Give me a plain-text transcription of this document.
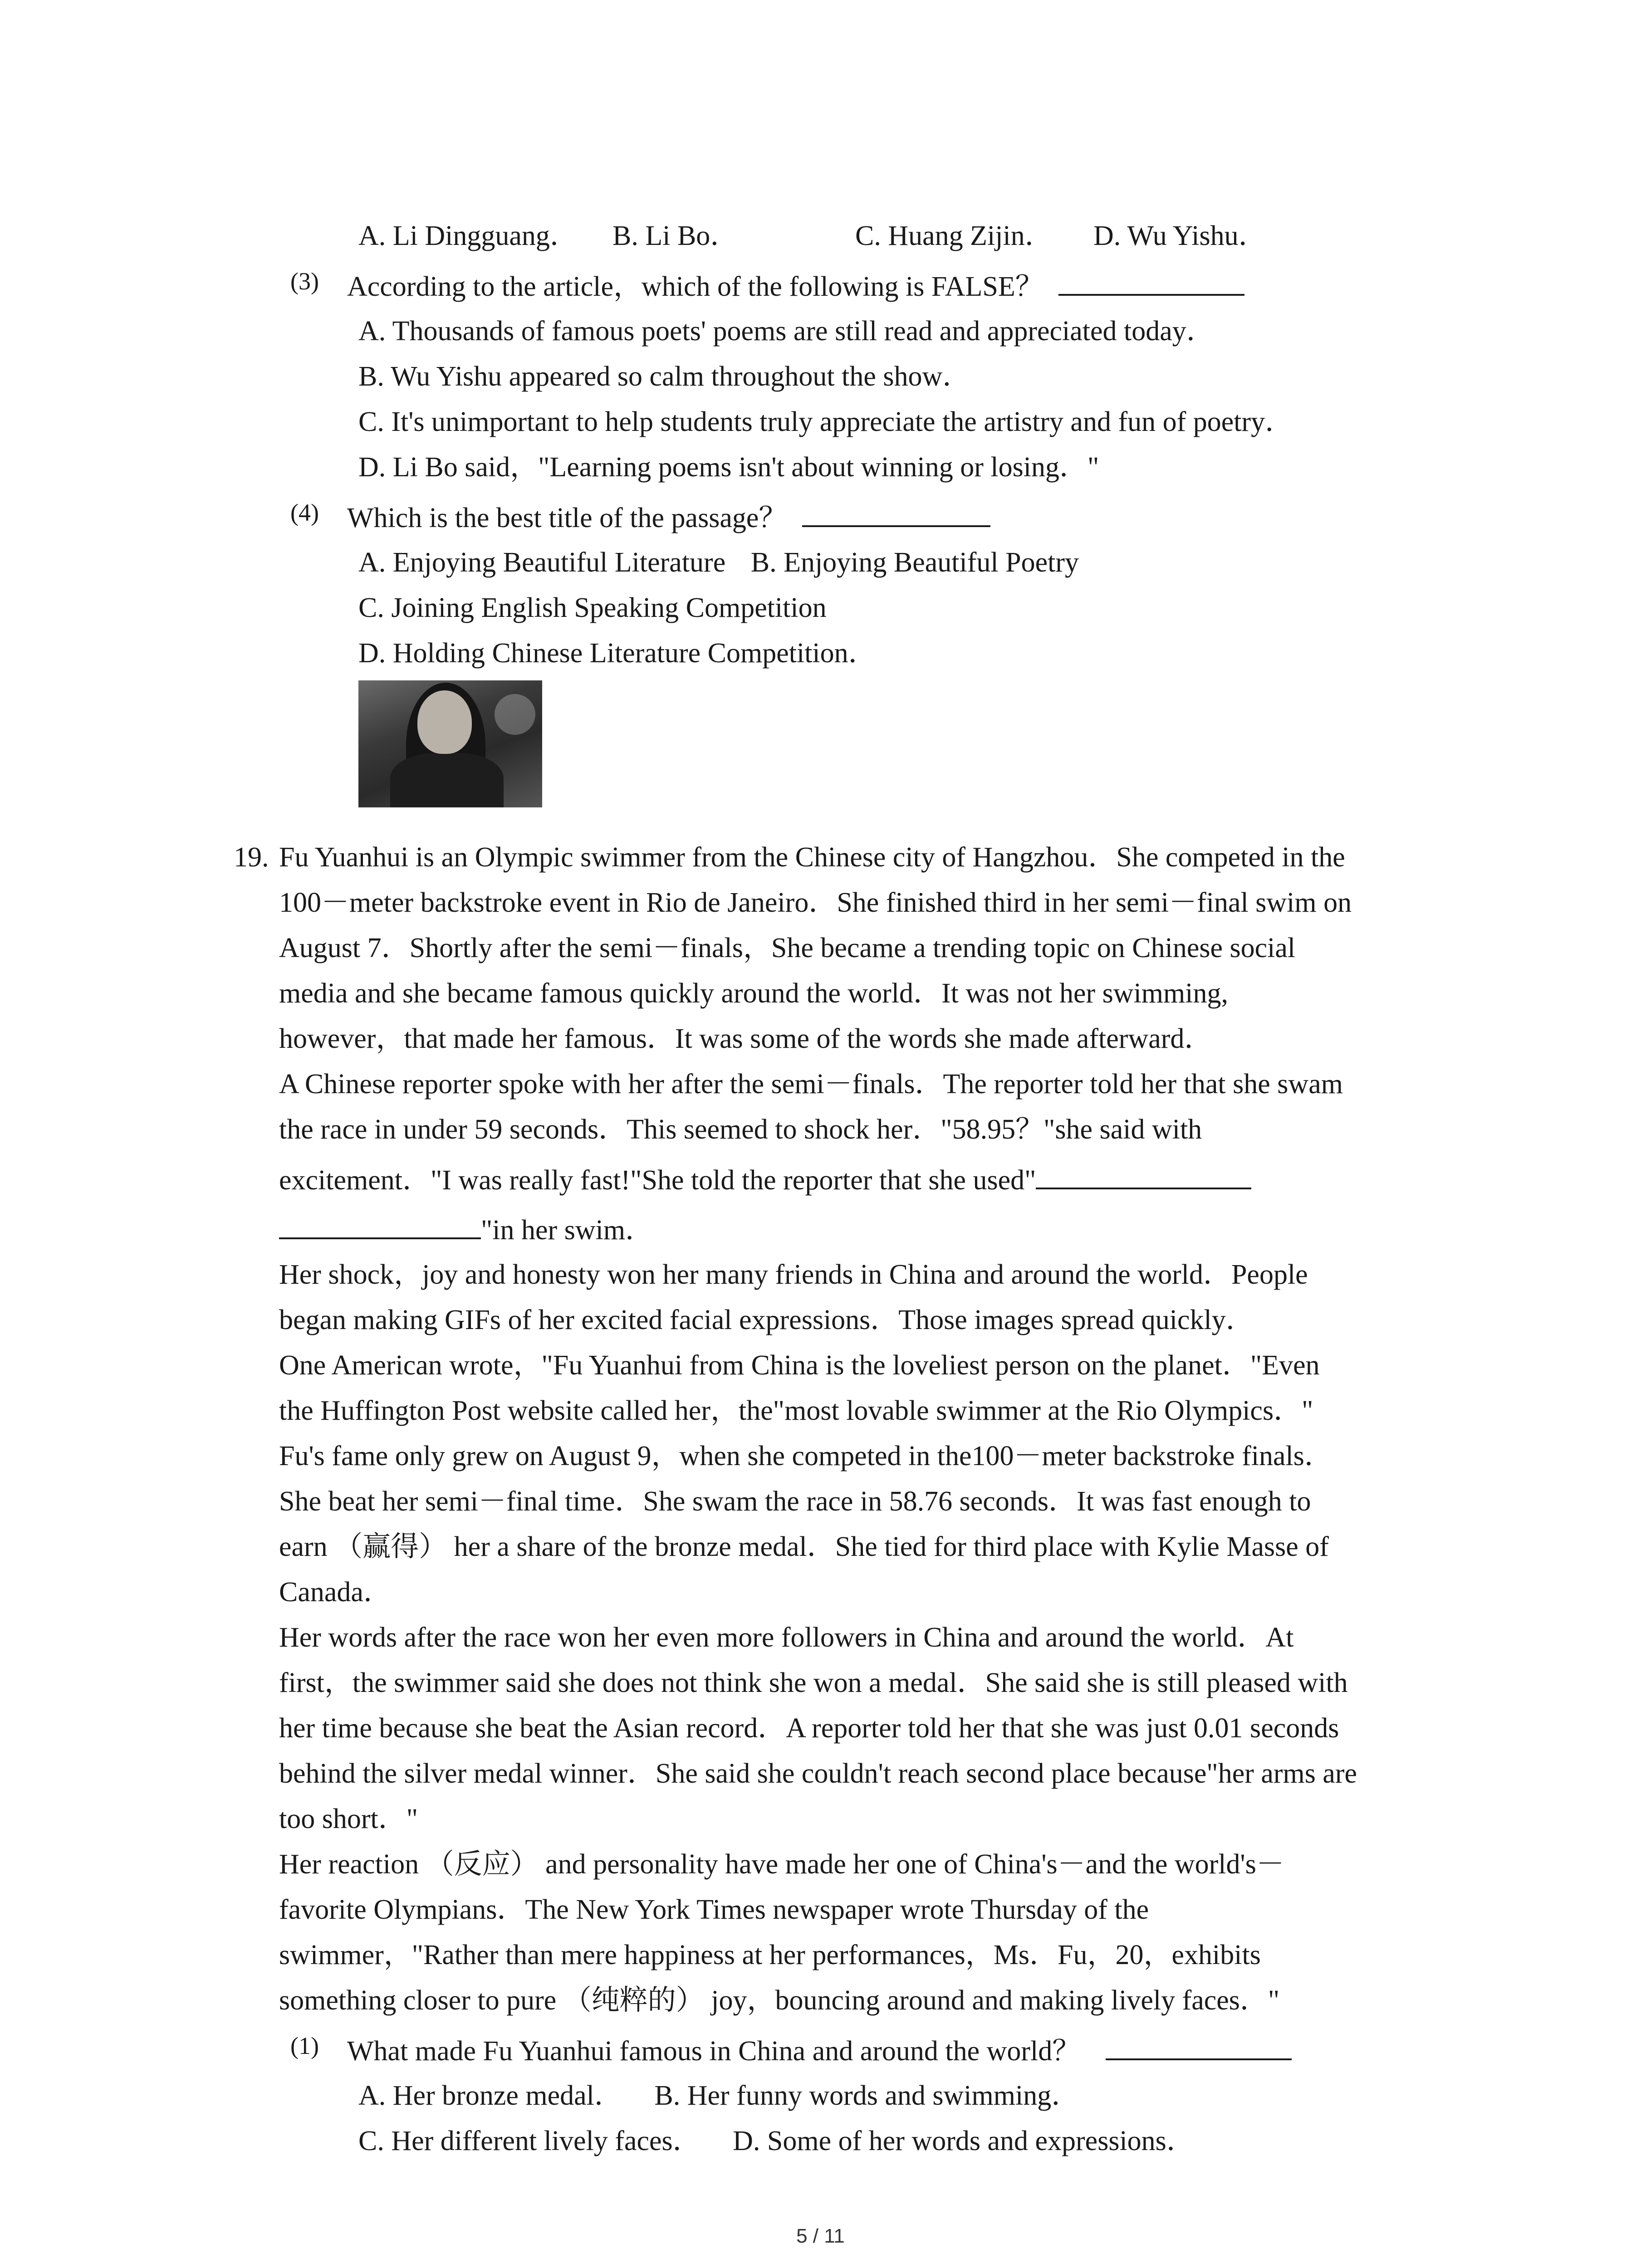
A. Li Dingguang． B. Li Bo．	C. Huang Zijin． D. Wu Yishu．
(3) According to the article，which of the following is FALSE？
A. Thousands of famous poets' poems are still read and appreciated today．
B. Wu Yishu appeared so calm throughout the show．
C. It's unimportant to help students truly appreciate the artistry and fun of poetry．
D. Li Bo said，"Learning poems isn't about winning or losing．"
(4) Which is the best title of the passage？
A. Enjoying Beautiful Literature B. Enjoying Beautiful Poetry
C. Joining English Speaking Competition
D. Holding Chinese Literature Competition．
19. Fu Yuanhui is an Olympic swimmer from the Chinese city of Hangzhou．She competed in the
100－meter backstroke event in Rio de Janeiro．She finished third in her semi－final swim on
August 7．Shortly after the semi－finals，She became a trending topic on Chinese social
media and she became famous quickly around the world．It was not her swimming,
however，that made her famous．It was some of the words she made afterward．
A Chinese reporter spoke with her after the semi－finals．The reporter told her that she swam
the race in under 59 seconds．This seemed to shock her．"58.95？"she said with
excitement．"I was really fast!"She told the reporter that she used"
"in her swim．
Her shock，joy and honesty won her many friends in China and around the world．People
began making GIFs of her excited facial expressions．Those images spread quickly．
One American wrote，"Fu Yuanhui from China is the loveliest person on the planet．"Even
the Huffington Post website called her，the"most lovable swimmer at the Rio Olympics．"
Fu's fame only grew on August 9，when she competed in the100－meter backstroke finals．
She beat her semi－final time．She swam the race in 58.76 seconds．It was fast enough to
earn （赢得） her a share of the bronze medal．She tied for third place with Kylie Masse of
Canada．
Her words after the race won her even more followers in China and around the world．At
first，the swimmer said she does not think she won a medal．She said she is still pleased with
her time because she beat the Asian record．A reporter told her that she was just 0.01 seconds
behind the silver medal winner．She said she couldn't reach second place because"her arms are
too short．"
Her reaction （反应） and personality have made her one of China's－and the world's－
favorite Olympians．The New York Times newspaper wrote Thursday of the
swimmer，"Rather than mere happiness at her performances，Ms．Fu，20，exhibits
something closer to pure （纯粹的） joy，bouncing around and making lively faces．"
(1) What made Fu Yuanhui famous in China and around the world？
A. Her bronze medal． B. Her funny words and swimming．
C. Her different lively faces． D. Some of her words and expressions．
5 / 11
